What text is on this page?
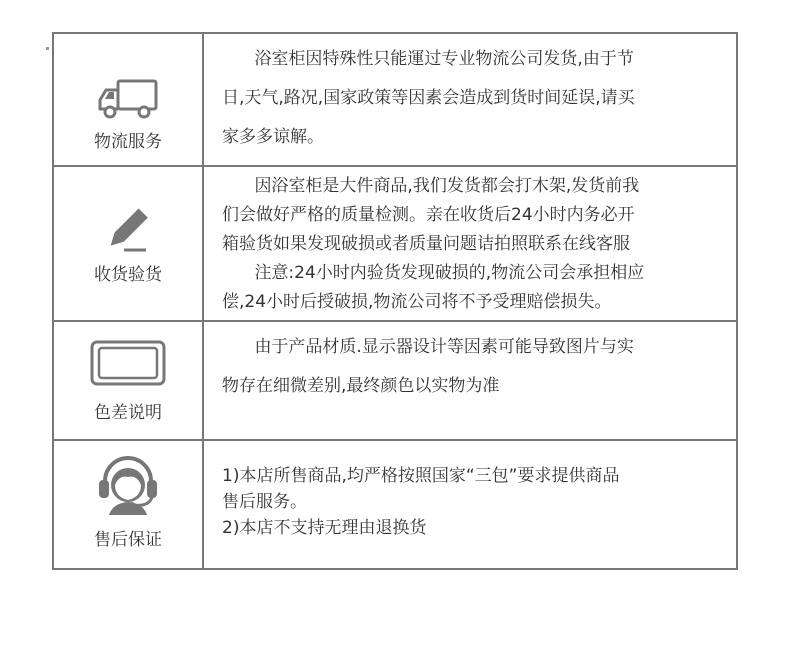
物流服务
浴室柜因特殊性只能運过专业物流公司发货,由于节
日,天气,路况,国家政策等因素会造成到货时间延误,请买
家多多谅解。
收货验货
因浴室柜是大件商品,我们发货都会打木架,发货前我
们会做好严格的质量检测。亲在收货后24小时内务必开
箱验货如果发现破损或者质量问题诘拍照联系在线客服
注意:24小时内验货发现破损的,物流公司会承担相应
偿,24小时后授破损,物流公司将不予受理赔偿损失。
色差说明
由于产品材质.显示器设计等因素可能导致图片与实
物存在细微差别,最终颜色以实物为准
售后保证
1)本店所售商品,均严格按照国家“三包”要求提供商品
售后服务。
2)本店不支持无理由退换货
